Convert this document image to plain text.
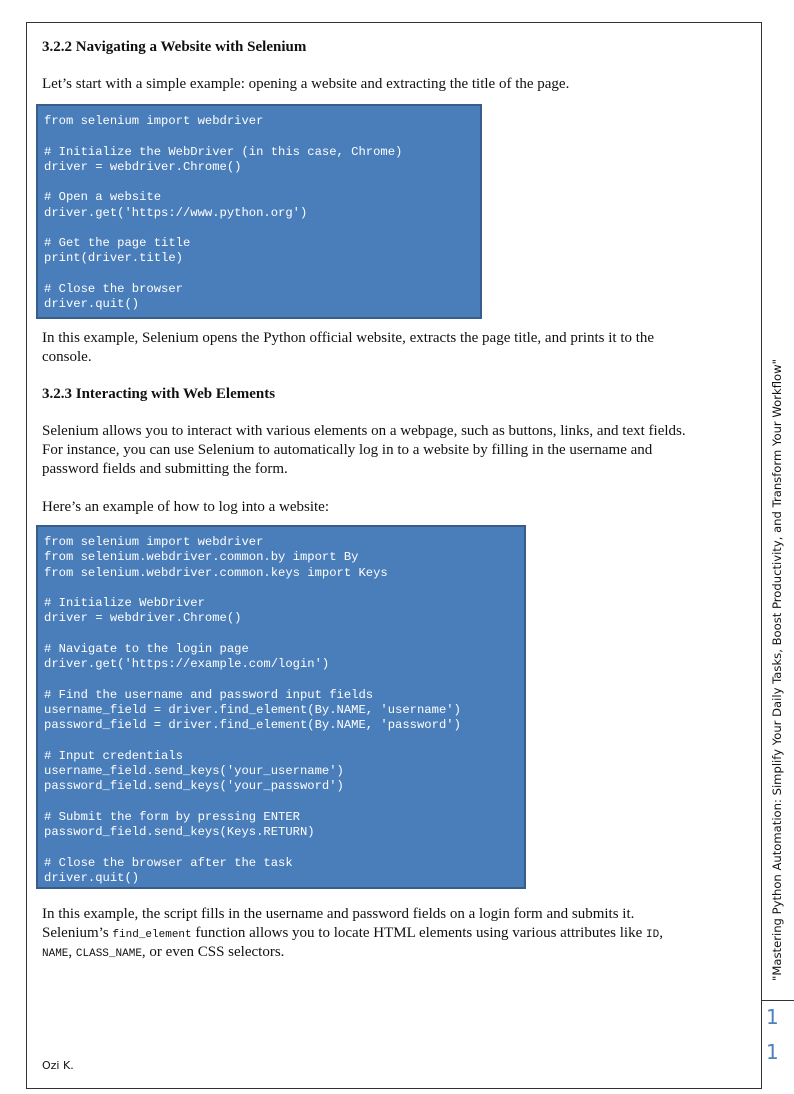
3.2.2 Navigating a Website with Selenium
Let’s start with a simple example: opening a website and extracting the title of the page.
from selenium import webdriver
# Initialize the WebDriver (in this case, Chrome)
driver = webdriver.Chrome()
# Open a website
driver.get('https://www.python.org')
# Get the page title
print(driver.title)
# Close the browser
driver.quit()
In this example, Selenium opens the Python official website, extracts the page title, and prints it to the
console.
3.2.3 Interacting with Web Elements
Selenium allows you to interact with various elements on a webpage, such as buttons, links, and text fields.
For instance, you can use Selenium to automatically log in to a website by filling in the username and
password fields and submitting the form.
Here’s an example of how to log into a website:
from selenium import webdriver
from selenium.webdriver.common.by import By
from selenium.webdriver.common.keys import Keys
# Initialize WebDriver
driver = webdriver.Chrome()
# Navigate to the login page
driver.get('https://example.com/login')
# Find the username and password input fields
username_field = driver.find_element(By.NAME, 'username')
password_field = driver.find_element(By.NAME, 'password')
# Input credentials
username_field.send_keys('your_username')
password_field.send_keys('your_password')
# Submit the form by pressing ENTER
password_field.send_keys(Keys.RETURN)
# Close the browser after the task
driver.quit()
In this example, the script fills in the username and password fields on a login form and submits it.
Selenium’s find_element function allows you to locate HTML elements using various attributes like ID,
NAME, CLASS_NAME, or even CSS selectors.
Ozi K.
"Mastering Python Automation: Simplify Your Daily Tasks, Boost Productivity, and Transform Your Workflow"
1
1
